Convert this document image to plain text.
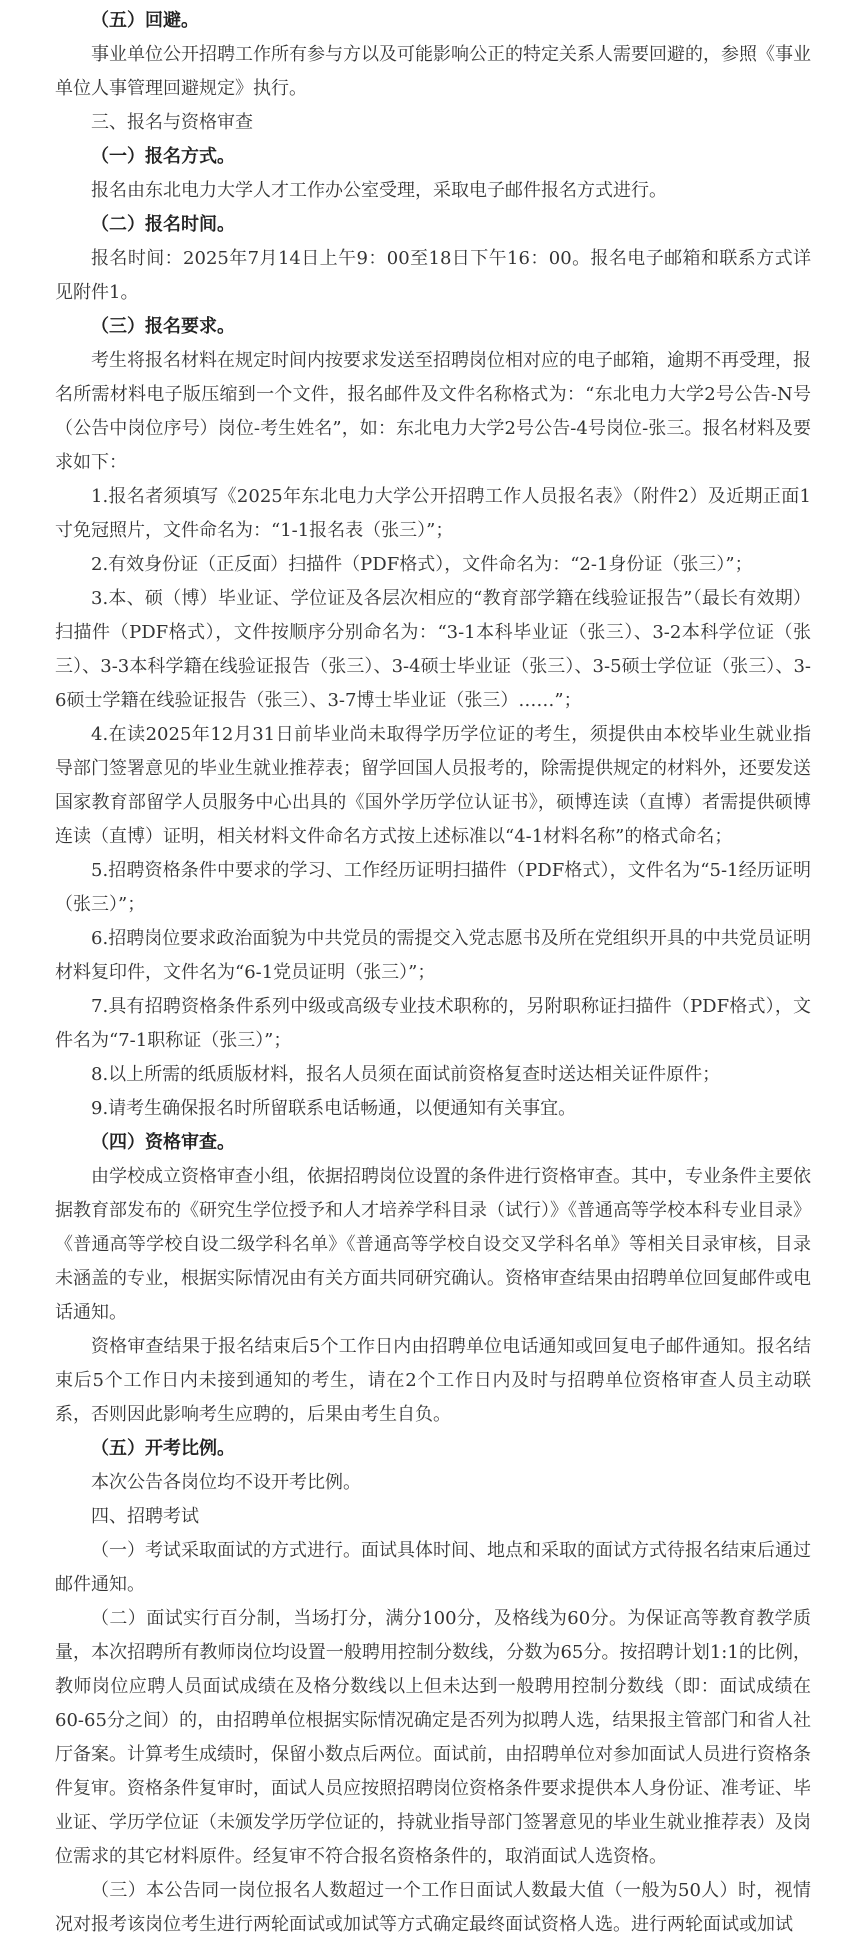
（五）回避。

事业单位公开招聘工作所有参与方以及可能影响公正的特定关系人需要回避的，参照《事业单位人事管理回避规定》执行。

三、报名与资格审查

（一）报名方式。

报名由东北电力大学人才工作办公室受理，采取电子邮件报名方式进行。

（二）报名时间。

报名时间：2025年7月14日上午9：00至18日下午16：00。报名电子邮箱和联系方式详见附件1。

（三）报名要求。

考生将报名材料在规定时间内按要求发送至招聘岗位相对应的电子邮箱，逾期不再受理，报名所需材料电子版压缩到一个文件，报名邮件及文件名称格式为：“东北电力大学2号公告-N号（公告中岗位序号）岗位-考生姓名”，如：东北电力大学2号公告-4号岗位-张三。报名材料及要求如下：

1.报名者须填写《2025年东北电力大学公开招聘工作人员报名表》（附件2）及近期正面1寸免冠照片，文件命名为：“1-1报名表（张三）”；

2.有效身份证（正反面）扫描件（PDF格式），文件命名为：“2-1身份证（张三）”；

3.本、硕（博）毕业证、学位证及各层次相应的“教育部学籍在线验证报告”（最长有效期）扫描件（PDF格式），文件按顺序分别命名为：“3-1本科毕业证（张三）、3-2本科学位证（张三）、3-3本科学籍在线验证报告（张三）、3-4硕士毕业证（张三）、3-5硕士学位证（张三）、3-6硕士学籍在线验证报告（张三）、3-7博士毕业证（张三）……”；

4.在读2025年12月31日前毕业尚未取得学历学位证的考生，须提供由本校毕业生就业指导部门签署意见的毕业生就业推荐表；留学回国人员报考的，除需提供规定的材料外，还要发送国家教育部留学人员服务中心出具的《国外学历学位认证书》，硕博连读（直博）者需提供硕博连读（直博）证明，相关材料文件命名方式按上述标准以“4-1材料名称”的格式命名；

5.招聘资格条件中要求的学习、工作经历证明扫描件（PDF格式），文件名为“5-1经历证明（张三）”；

6.招聘岗位要求政治面貌为中共党员的需提交入党志愿书及所在党组织开具的中共党员证明材料复印件，文件名为“6-1党员证明（张三）”；

7.具有招聘资格条件系列中级或高级专业技术职称的，另附职称证扫描件（PDF格式），文件名为“7-1职称证（张三）”；

8.以上所需的纸质版材料，报名人员须在面试前资格复查时送达相关证件原件；

9.请考生确保报名时所留联系电话畅通，以便通知有关事宜。

（四）资格审查。

由学校成立资格审查小组，依据招聘岗位设置的条件进行资格审查。其中，专业条件主要依据教育部发布的《研究生学位授予和人才培养学科目录（试行）》《普通高等学校本科专业目录》《普通高等学校自设二级学科名单》《普通高等学校自设交叉学科名单》等相关目录审核，目录未涵盖的专业，根据实际情况由有关方面共同研究确认。资格审查结果由招聘单位回复邮件或电话通知。

资格审查结果于报名结束后5个工作日内由招聘单位电话通知或回复电子邮件通知。报名结束后5个工作日内未接到通知的考生，请在2个工作日内及时与招聘单位资格审查人员主动联系，否则因此影响考生应聘的，后果由考生自负。

（五）开考比例。

本次公告各岗位均不设开考比例。

四、招聘考试

（一）考试采取面试的方式进行。面试具体时间、地点和采取的面试方式待报名结束后通过邮件通知。

（二）面试实行百分制，当场打分，满分100分，及格线为60分。为保证高等教育教学质量，本次招聘所有教师岗位均设置一般聘用控制分数线，分数为65分。按招聘计划1:1的比例，教师岗位应聘人员面试成绩在及格分数线以上但未达到一般聘用控制分数线（即：面试成绩在60-65分之间）的，由招聘单位根据实际情况确定是否列为拟聘人选，结果报主管部门和省人社厅备案。计算考生成绩时，保留小数点后两位。面试前，由招聘单位对参加面试人员进行资格条件复审。资格条件复审时，面试人员应按照招聘岗位资格条件要求提供本人身份证、准考证、毕业证、学历学位证（未颁发学历学位证的，持就业指导部门签署意见的毕业生就业推荐表）及岗位需求的其它材料原件。经复审不符合报名资格条件的，取消面试人选资格。

（三）本公告同一岗位报名人数超过一个工作日面试人数最大值（一般为50人）时，视情况对报考该岗位考生进行两轮面试或加试等方式确定最终面试资格人选。进行两轮面试或加试
